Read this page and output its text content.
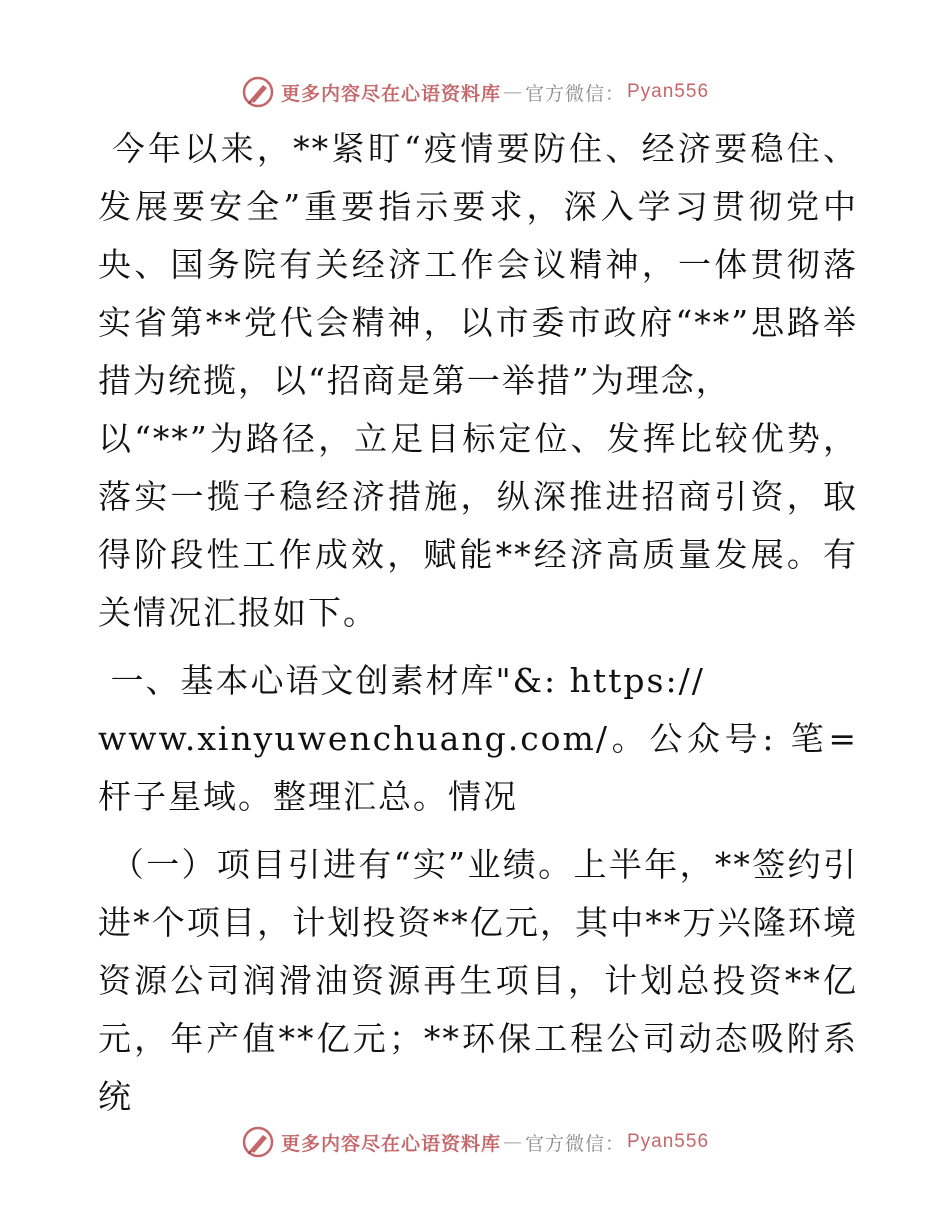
更多内容尽在心语资料库 — 官方微信： Pyan556

今年以来，**紧盯“疫情要防住、经济要稳住、发展要安全”重要指示要求，深入学习贯彻党中央、国务院有关经济工作会议精神，一体贯彻落实省第**党代会精神，以市委市政府“**”思路举措为统揽，以“招商是第一举措”为理念，
以“**”为路径，立足目标定位、发挥比较优势，落实一揽子稳经济措施，纵深推进招商引资，取得阶段性工作成效，赋能**经济高质量发展。有关情况汇报如下。

一、基本心语文创素材库"&: https://
www.xinyuwenchuang.com/。公众号: 笔=杆子星域。整理汇总。情况

（一）项目引进有“实”业绩。上半年，**签约引进*个项目，计划投资**亿元，其中**万兴隆环境资源公司润滑油资源再生项目，计划总投资**亿元，年产值**亿元；**环保工程公司动态吸附系统

更多内容尽在心语资料库 — 官方微信： Pyan556
